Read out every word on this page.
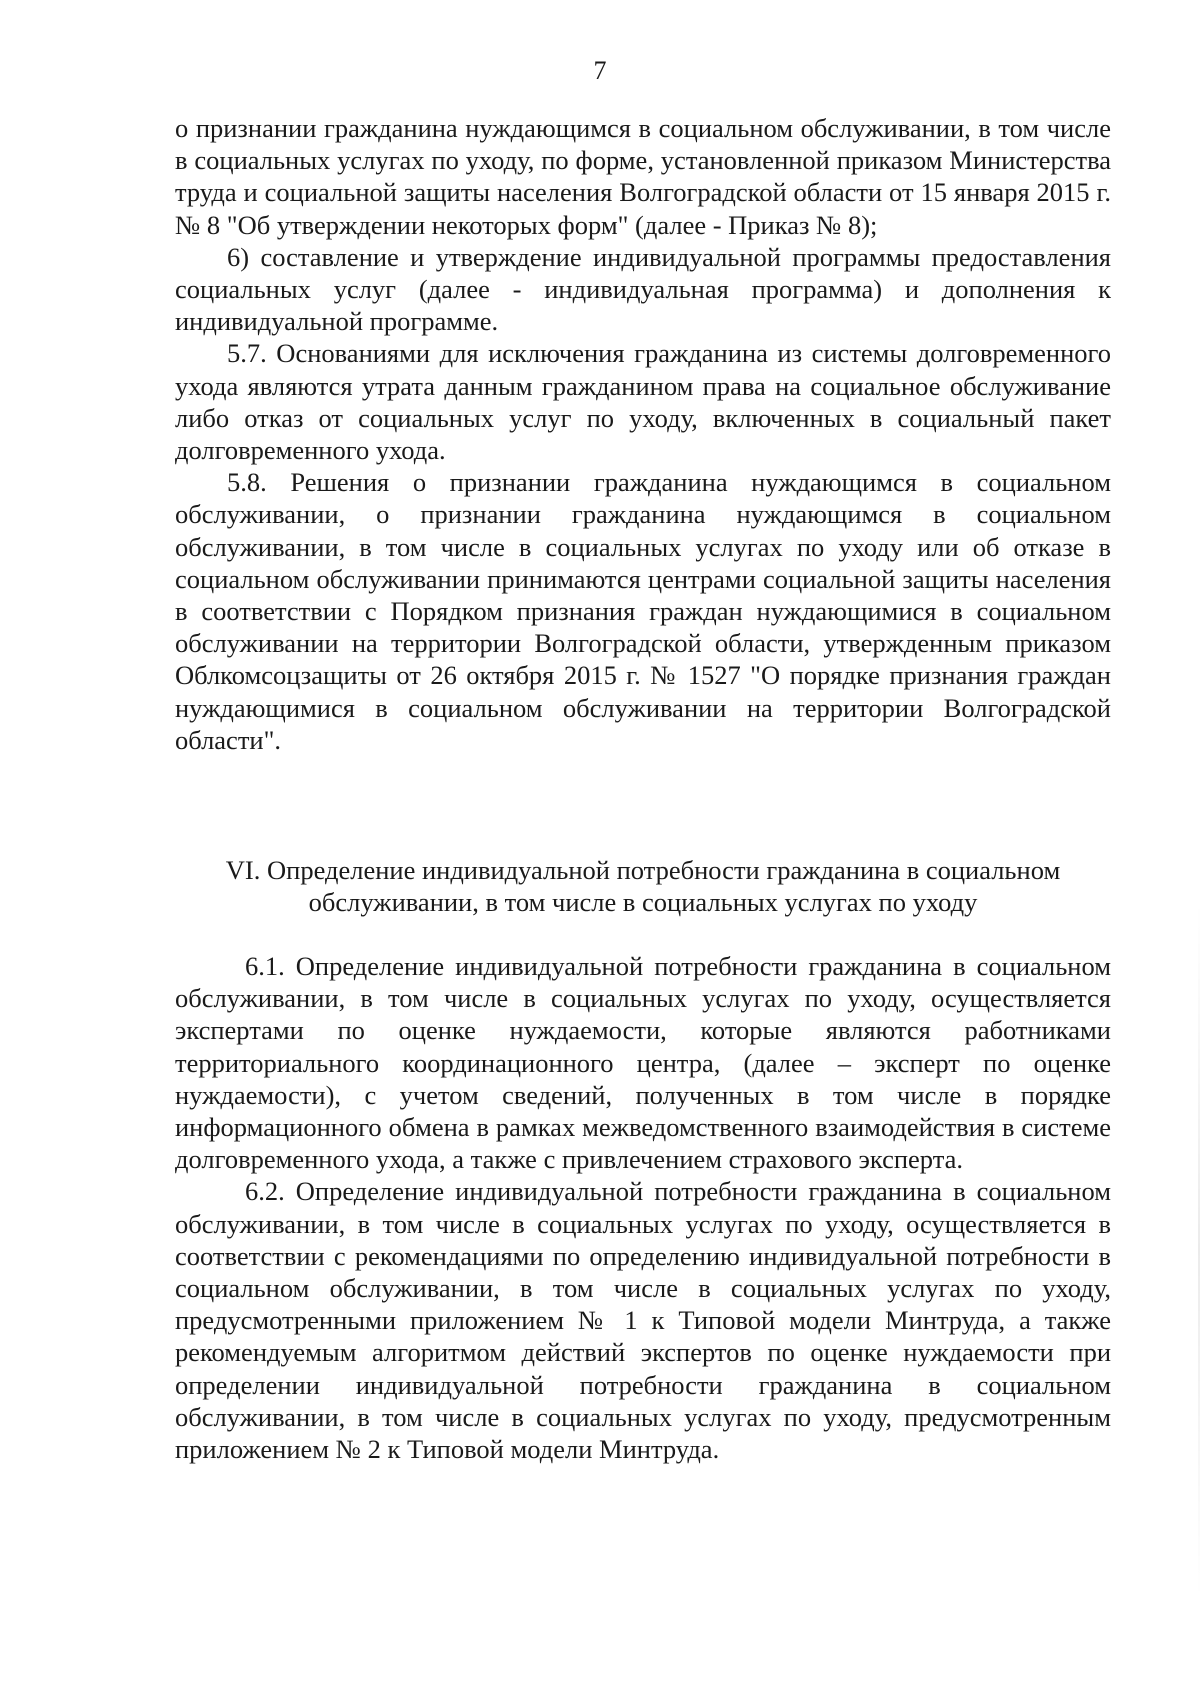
7

о признании гражданина нуждающимся в социальном обслуживании, в том числе в социальных услугах по уходу, по форме, установленной приказом Министерства труда и социальной защиты населения Волгоградской области от 15 января 2015 г. № 8 "Об утверждении некоторых форм" (далее - Приказ № 8);

6) составление и утверждение индивидуальной программы предоставления социальных услуг (далее - индивидуальная программа) и дополнения к индивидуальной программе.

5.7. Основаниями для исключения гражданина из системы долговременного ухода являются утрата данным гражданином права на социальное обслуживание либо отказ от социальных услуг по уходу, включенных в социальный пакет долговременного ухода.

5.8. Решения о признании гражданина нуждающимся в социальном обслуживании, о признании гражданина нуждающимся в социальном обслуживании, в том числе в социальных услугах по уходу или об отказе в социальном обслуживании принимаются центрами социальной защиты населения в соответствии с Порядком признания граждан нуждающимися в социальном обслуживании на территории Волгоградской области, утвержденным приказом Облкомсоцзащиты от 26 октября 2015 г. № 1527 "О порядке признания граждан нуждающимися в социальном обслуживании на территории Волгоградской области".

VI. Определение индивидуальной потребности гражданина в социальном
обслуживании, в том числе в социальных услугах по уходу

6.1. Определение индивидуальной потребности гражданина в социальном обслуживании, в том числе в социальных услугах по уходу, осуществляется экспертами по оценке нуждаемости, которые являются работниками территориального координационного центра, (далее – эксперт по оценке нуждаемости), с учетом сведений, полученных в том числе в порядке информационного обмена в рамках межведомственного взаимодействия в системе долговременного ухода, а также с привлечением страхового эксперта.

6.2. Определение индивидуальной потребности гражданина в социальном обслуживании, в том числе в социальных услугах по уходу, осуществляется в соответствии с рекомендациями по определению индивидуальной потребности в социальном обслуживании, в том числе в социальных услугах по уходу, предусмотренными приложением № 1 к Типовой модели Минтруда, а также рекомендуемым алгоритмом действий экспертов по оценке нуждаемости при определении индивидуальной потребности гражданина в социальном обслуживании, в том числе в социальных услугах по уходу, предусмотренным приложением № 2 к Типовой модели Минтруда.
